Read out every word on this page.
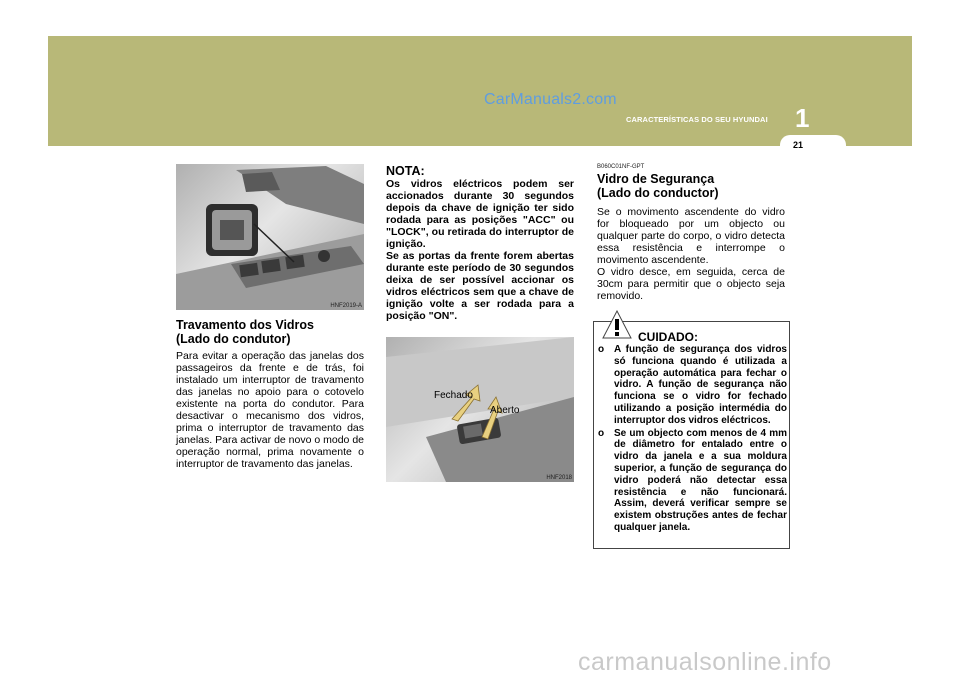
CarManuals2.com
CARACTERÍSTICAS DO SEU HYUNDAI 1
21
HNF2019-A
Travamento dos Vidros
(Lado do condutor)

Para evitar a operação das janelas dos passageiros da frente e de trás, foi instalado um interruptor de travamento das janelas no apoio para o cotovelo existente na porta do condutor. Para desactivar o mecanismo dos vidros, prima o interruptor de travamento das janelas. Para activar de novo o modo de operação normal, prima novamente o interruptor de travamento das janelas.

NOTA:

Os vidros eléctricos podem ser accionados durante 30 segundos depois da chave de ignição ter sido rodada para as posições "ACC" ou "LOCK", ou retirada do interruptor de ignição.

Se as portas da frente forem abertas durante este período de 30 segundos deixa de ser possível accionar os vidros eléctricos sem que a chave de ignição volte a ser rodada para a posição "ON".

Fechado
Aberto
HNF2018
B060C01NF-GPT
Vidro de Segurança
(Lado do conductor)

Se o movimento ascendente do vidro for bloqueado por um objecto ou qualquer parte do corpo, o vidro detecta essa resistência e interrompe o movimento ascendente.

O vidro desce, em seguida, cerca de 30cm para permitir que o objecto seja removido.

CUIDADO:
o A função de segurança dos vidros só funciona quando é utilizada a operação automática para fechar o vidro. A função de segurança não funciona se o vidro for fechado utilizando a posição intermédia do interruptor dos vidros eléctricos.
o Se um objecto com menos de 4 mm de diâmetro for entalado entre o vidro da janela e a sua moldura superior, a função de segurança do vidro poderá não detectar essa resistência e não funcionará. Assim, deverá verificar sempre se existem obstruções antes de fechar qualquer janela.
carmanualsonline.info
